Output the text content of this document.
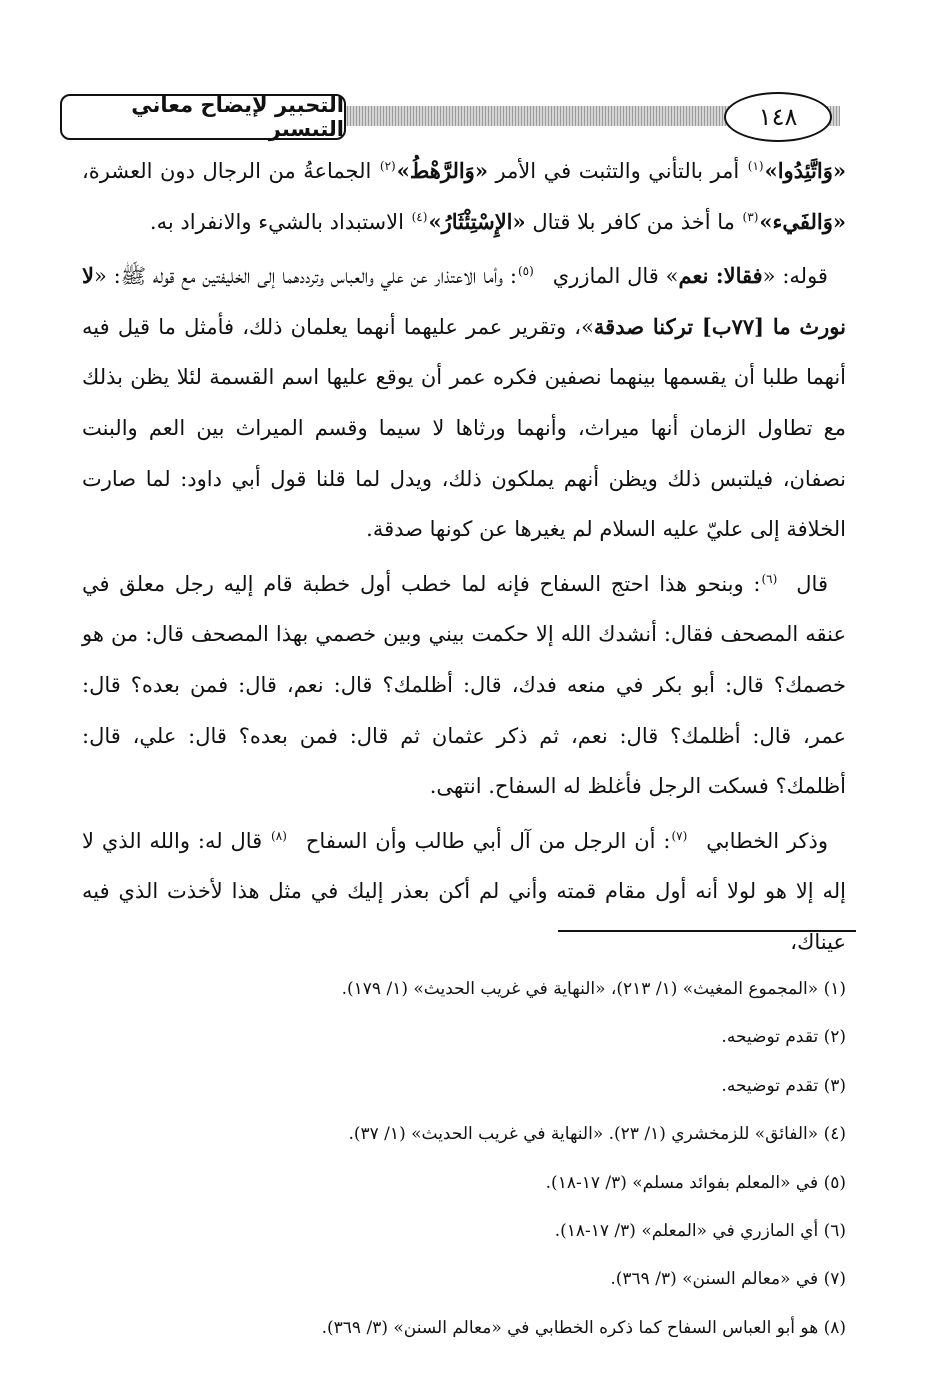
التحبير لإيضاح معاني التيسير	١٤٨

«وَاتَّئِدُوا»(١) أمر بالتأني والتثبت في الأمر «وَالرَّهْطُ»(٢) الجماعةُ من الرجال دون العشرة، «وَالفَيء»(٣) ما أخذ من كافر بلا قتال «الإِسْتِئْثَارُ»(٤) الاستبداد بالشيء والانفراد به.

قوله: «فقالا: نعم» قال المازري(٥): وأما الاعتذار عن علي والعباس وترددهما إلى الخليفتين مع قوله ﷺ: «لا نورث ما [٧٧ب] تركنا صدقة»، وتقرير عمر عليهما أنهما يعلمان ذلك، فأمثل ما قيل فيه أنهما طلبا أن يقسمها بينهما نصفين فكره عمر أن يوقع عليها اسم القسمة لئلا يظن بذلك مع تطاول الزمان أنها ميراث، وأنهما ورثاها لا سيما وقسم الميراث بين العم والبنت نصفان، فيلتبس ذلك ويظن أنهم يملكون ذلك، ويدل لما قلنا قول أبي داود: لما صارت الخلافة إلى عليّ عليه السلام لم يغيرها عن كونها صدقة.

قال(٦): وبنحو هذا احتج السفاح فإنه لما خطب أول خطبة قام إليه رجل معلق في عنقه المصحف فقال: أنشدك الله إلا حكمت بيني وبين خصمي بهذا المصحف قال: من هو خصمك؟ قال: أبو بكر في منعه فدك، قال: أظلمك؟ قال: نعم، قال: فمن بعده؟ قال: عمر، قال: أظلمك؟ قال: نعم، ثم ذكر عثمان ثم قال: فمن بعده؟ قال: علي، قال: أظلمك؟ فسكت الرجل فأغلظ له السفاح. انتهى.

وذكر الخطابي(٧): أن الرجل من آل أبي طالب وأن السفاح(٨) قال له: والله الذي لا إله إلا هو لولا أنه أول مقام قمته وأني لم أكن بعذر إليك في مثل هذا لأخذت الذي فيه عيناك،

(١) «المجموع المغيث» (١/ ٢١٣)، «النهاية في غريب الحديث» (١/ ١٧٩).
(٢) تقدم توضيحه.
(٣) تقدم توضيحه.
(٤) «الفائق» للزمخشري (١/ ٢٣). «النهاية في غريب الحديث» (١/ ٣٧).
(٥) في «المعلم بفوائد مسلم» (٣/ ١٧-١٨).
(٦) أي المازري في «المعلم» (٣/ ١٧-١٨).
(٧) في «معالم السنن» (٣/ ٣٦٩).
(٨) هو أبو العباس السفاح كما ذكره الخطابي في «معالم السنن» (٣/ ٣٦٩).
